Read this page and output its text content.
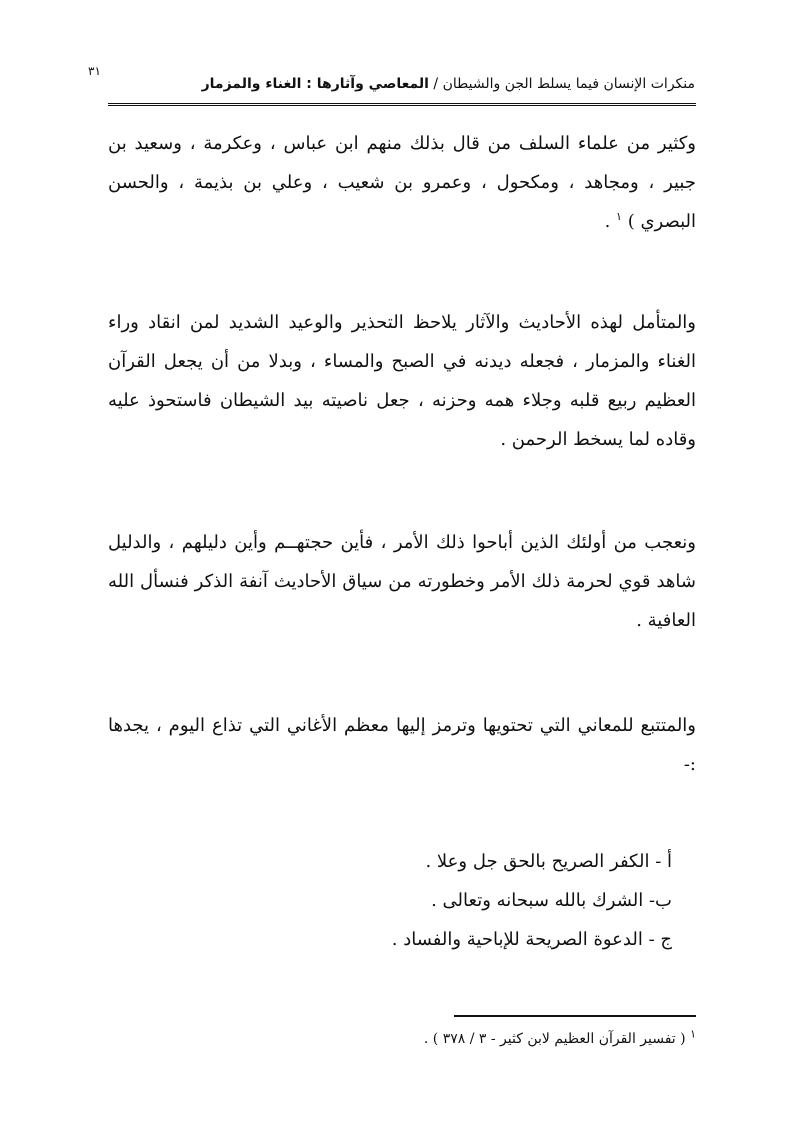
٣١
منكرات الإنسان فيما يسلط الجن والشيطان / المعاصي وآثارها : الغناء والمزمار
وكثير من علماء السلف من قال بذلك منهم ابن عباس ، وعكرمة ، وسعيد بن جبير ، ومجاهد ، ومكحول ، وعمرو بن شعيب ، وعلي بن بذيمة ، والحسن البصري ) $^١$ .
والمتأمل لهذه الأحاديث والآثار يلاحظ التحذير والوعيد الشديد لمن انقاد وراء الغناء والمزمار ، فجعله ديدنه في الصبح والمساء ، وبدلا من أن يجعل القرآن العظيم ربيع قلبه وجلاء همه وحزنه ، جعل ناصيته بيد الشيطان فاستحوذ عليه وقاده لما يسخط الرحمن .
ونعجب من أولئك الذين أباحوا ذلك الأمر ، فأين حجتهــم وأين دليلهم ، والدليل شاهد قوي لحرمة ذلك الأمر وخطورته من سياق الأحاديث آنفة الذكر فنسأل الله العافية .
والمتتبع للمعاني التي تحتويها وترمز إليها معظم الأغاني التي تذاع اليوم ، يجدها :-
أ - الكفر الصريح بالحق جل وعلا .
ب- الشرك بالله سبحانه وتعالى .
ج - الدعوة الصريحة للإباحية والفساد .
$^١$ ( تفسير القرآن العظيم لابن كثير - ٣ / ٣٧٨ ) .
